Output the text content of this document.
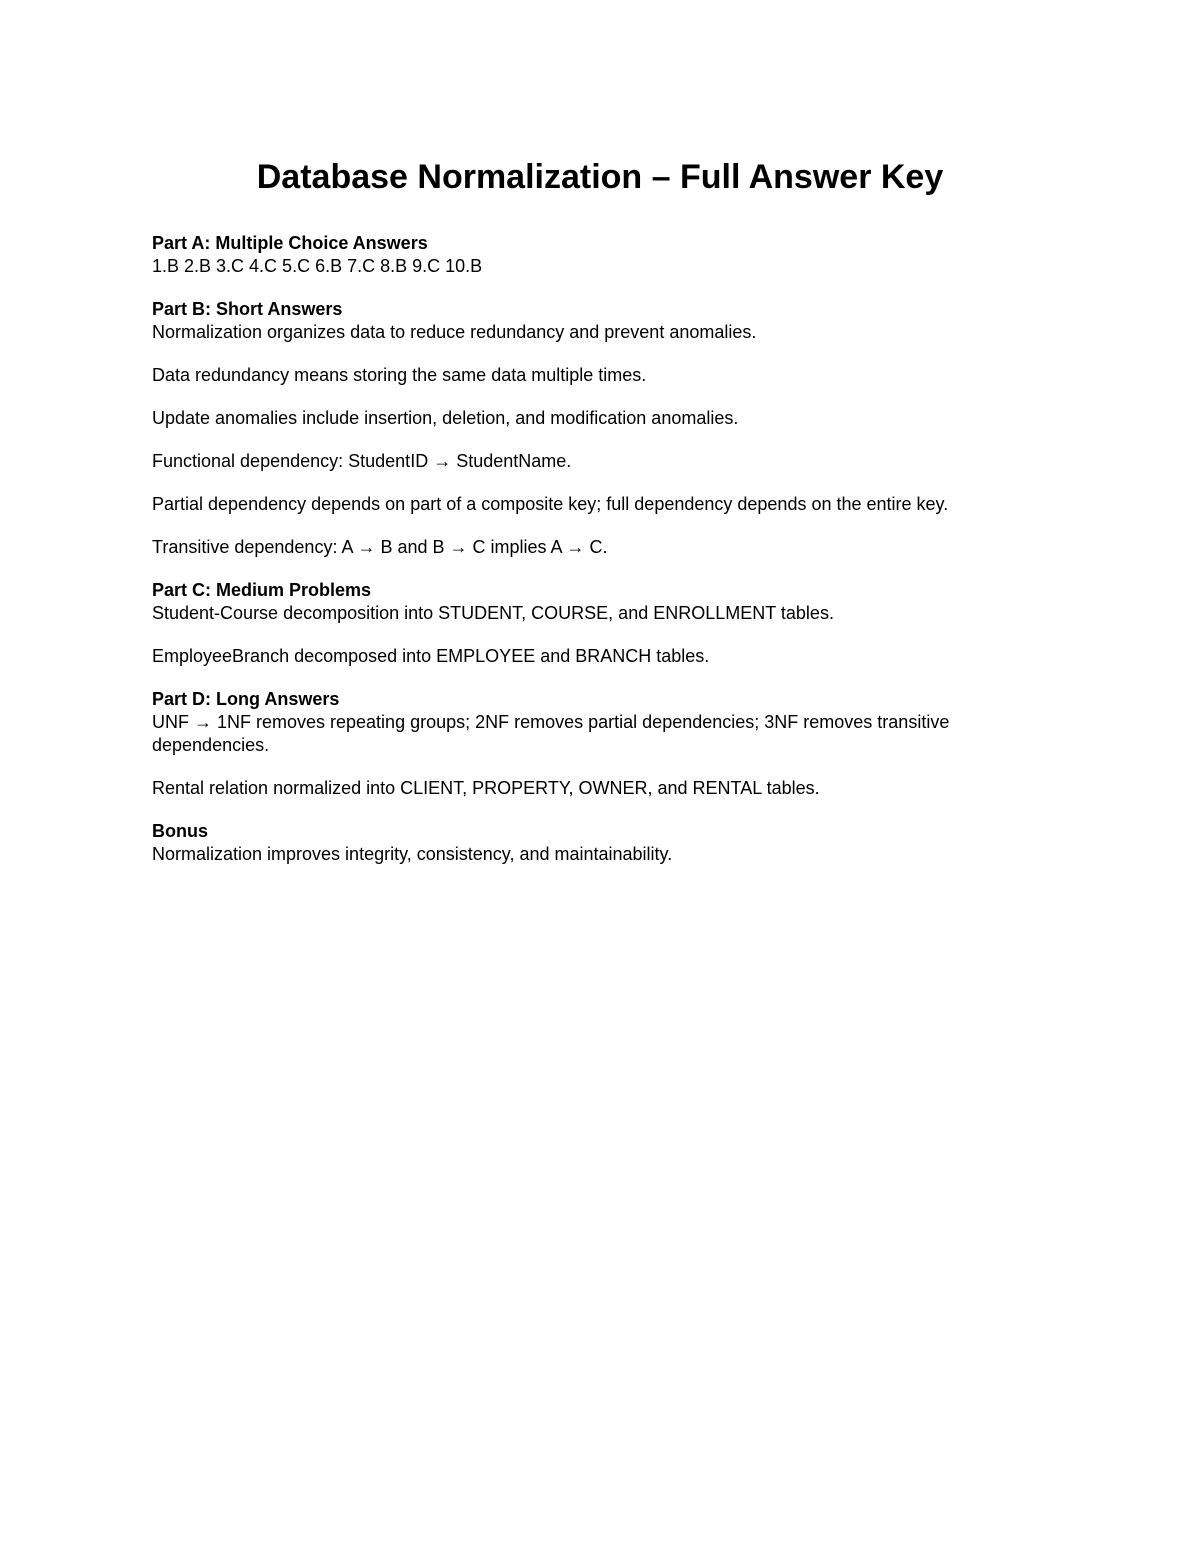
Database Normalization – Full Answer Key
Part A: Multiple Choice Answers
1.B 2.B 3.C 4.C 5.C 6.B 7.C 8.B 9.C 10.B
Part B: Short Answers
Normalization organizes data to reduce redundancy and prevent anomalies.
Data redundancy means storing the same data multiple times.
Update anomalies include insertion, deletion, and modification anomalies.
Functional dependency: StudentID → StudentName.
Partial dependency depends on part of a composite key; full dependency depends on the entire key.
Transitive dependency: A → B and B → C implies A → C.
Part C: Medium Problems
Student-Course decomposition into STUDENT, COURSE, and ENROLLMENT tables.
EmployeeBranch decomposed into EMPLOYEE and BRANCH tables.
Part D: Long Answers
UNF → 1NF removes repeating groups; 2NF removes partial dependencies; 3NF removes transitive dependencies.
Rental relation normalized into CLIENT, PROPERTY, OWNER, and RENTAL tables.
Bonus
Normalization improves integrity, consistency, and maintainability.
